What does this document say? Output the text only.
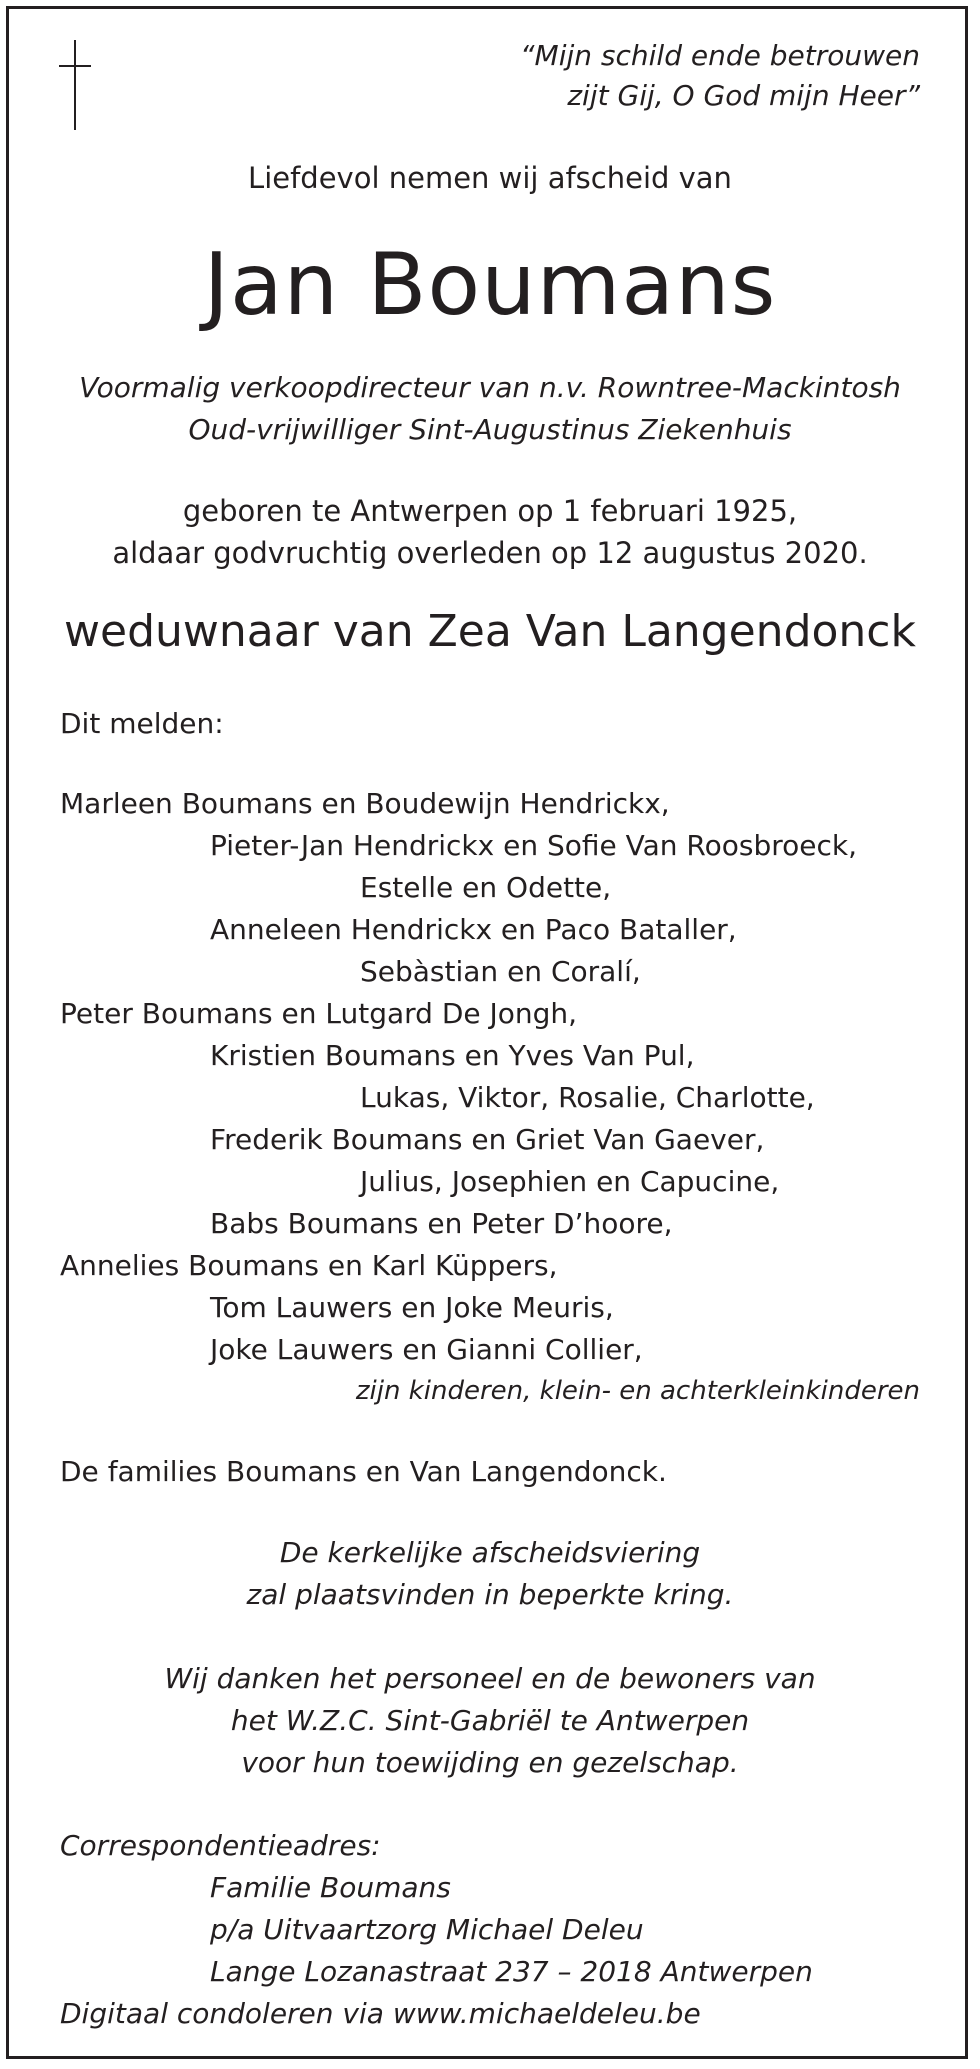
“Mijn schild ende betrouwen
zijt Gij, O God mijn Heer”
Liefdevol nemen wij afscheid van
Jan Boumans
Voormalig verkoopdirecteur van n.v. Rowntree-Mackintosh
Oud-vrijwilliger Sint-Augustinus Ziekenhuis
geboren te Antwerpen op 1 februari 1925,
aldaar godvruchtig overleden op 12 augustus 2020.
weduwnaar van Zea Van Langendonck
Dit melden:
Marleen Boumans en Boudewijn Hendrickx,
Pieter-Jan Hendrickx en Sofie Van Roosbroeck,
Estelle en Odette,
Anneleen Hendrickx en Paco Bataller,
Sebàstian en Coralí,
Peter Boumans en Lutgard De Jongh,
Kristien Boumans en Yves Van Pul,
Lukas, Viktor, Rosalie, Charlotte,
Frederik Boumans en Griet Van Gaever,
Julius, Josephien en Capucine,
Babs Boumans en Peter D’hoore,
Annelies Boumans en Karl Küppers,
Tom Lauwers en Joke Meuris,
Joke Lauwers en Gianni Collier,
zijn kinderen, klein- en achterkleinkinderen
De families Boumans en Van Langendonck.
De kerkelijke afscheidsviering
zal plaatsvinden in beperkte kring.
Wij danken het personeel en de bewoners van
het W.Z.C. Sint-Gabriël te Antwerpen
voor hun toewijding en gezelschap.
Correspondentieadres:
Familie Boumans
p/a Uitvaartzorg Michael Deleu
Lange Lozanastraat 237 – 2018 Antwerpen
Digitaal condoleren via www.michaeldeleu.be
